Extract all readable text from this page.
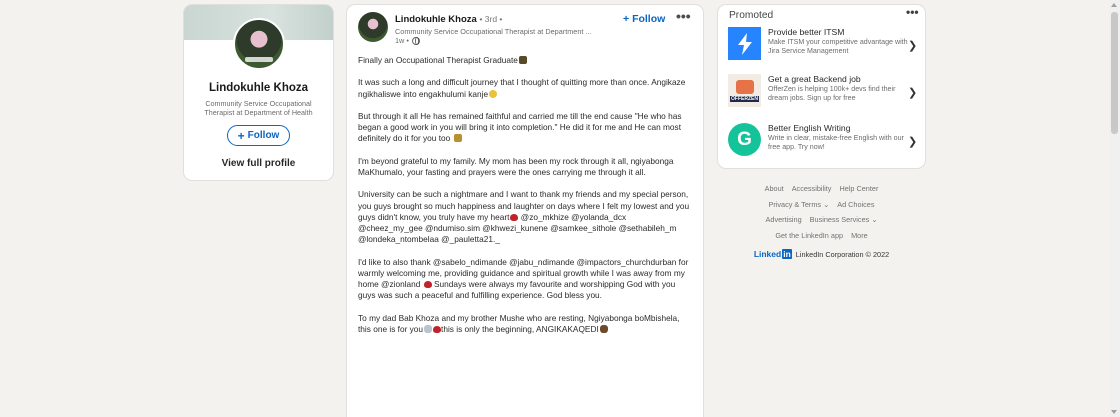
Lindokuhle Khoza
Community Service Occupational Therapist at Department of Health
+ Follow
View full profile
Lindokuhle Khoza • 3rd •
Community Service Occupational Therapist at Department ...
1w •
+ Follow •••

Finally an Occupational Therapist Graduate

It was such a long and difficult journey that I thought of quitting more than once. Angikaze ngikhaliswe into engakhulumi kanje

But through it all He has remained faithful and carried me till the end cause "He who has began a good work in you will bring it into completion." He did it for me and He can most definitely do it for you too

I'm beyond grateful to my family. My mom has been my rock through it all, ngiyabonga MaKhumalo, your fasting and prayers were the ones carrying me through it all.

University can be such a nightmare and I want to thank my friends and my special person, you guys brought so much happiness and laughter on days where I felt my lowest and you guys didn't know, you truly have my heart @zo_mkhize @yolanda_dcx @cheez_my_gee @ndumiso.sim @khwezi_kunene @samkee_sithole @sethabileh_m @londeka_ntombelaa @_pauletta21._

I'd like to also thank @sabelo_ndimande @jabu_ndimande @impactors_churchdurban for warmly welcoming me, providing guidance and spiritual growth while I was away from my home @zionland Sundays were always my favourite and worshipping God with you guys was such a peaceful and fulfilling experience. God bless you.

To my dad Bab Khoza and my brother Mushe who are resting, Ngiyabonga boMbishela, this one is for you this is only the beginning, ANGIKAKAQEDI

Promoted	•••
Provide better ITSM
Make ITSM your competitive advantage with Jira Service Management	❯
OFFERZEN
Get a great Backend job
OfferZen is helping 100k+ devs find their dream jobs. Sign up for free	❯
G
Better English Writing
Write in clear, mistake-free English with our free app. Try now!	❯
About Accessibility Help Center
Privacy & Terms ⌄ Ad Choices
Advertising Business Services ⌄
Get the LinkedIn app More
Linked in LinkedIn Corporation © 2022
